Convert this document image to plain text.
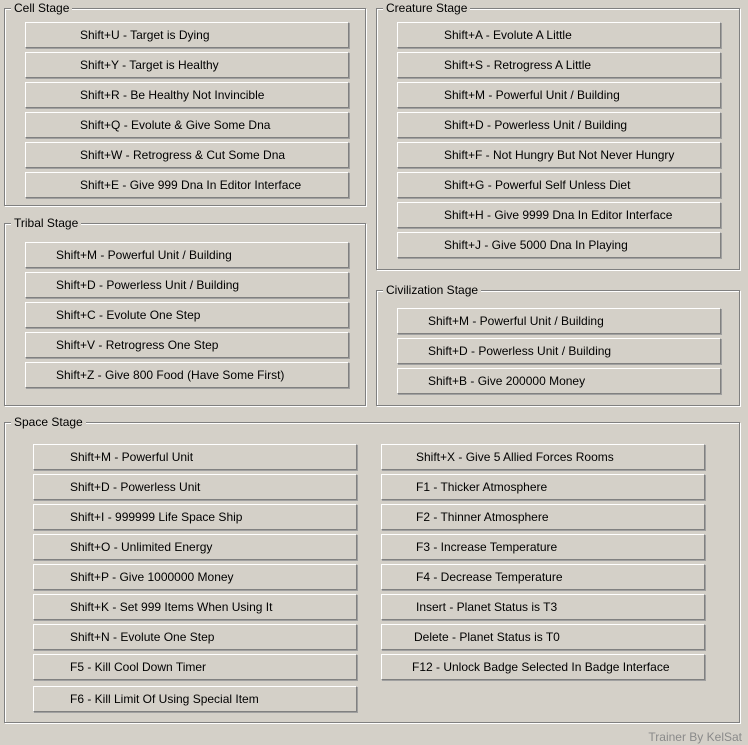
Cell Stage
Shift+U - Target is Dying
Shift+Y - Target is Healthy
Shift+R - Be Healthy Not Invincible
Shift+Q - Evolute & Give Some Dna
Shift+W - Retrogress & Cut Some Dna
Shift+E - Give 999 Dna In Editor Interface
Creature Stage
Shift+A - Evolute A Little
Shift+S - Retrogress A Little
Shift+M - Powerful Unit / Building
Shift+D - Powerless Unit / Building
Shift+F - Not Hungry But Not Never Hungry
Shift+G - Powerful Self Unless Diet
Shift+H - Give 9999 Dna In Editor Interface
Shift+J - Give 5000 Dna In Playing
Tribal Stage
Shift+M - Powerful Unit / Building
Shift+D - Powerless Unit / Building
Shift+C - Evolute One Step
Shift+V - Retrogress One Step
Shift+Z - Give 800 Food (Have Some First)
Civilization Stage
Shift+M - Powerful Unit / Building
Shift+D - Powerless Unit / Building
Shift+B - Give 200000 Money
Space Stage
Shift+M - Powerful Unit
Shift+D - Powerless Unit
Shift+I - 999999 Life Space Ship
Shift+O - Unlimited Energy
Shift+P - Give 1000000 Money
Shift+K - Set 999 Items When Using It
Shift+N - Evolute One Step
F5 - Kill Cool Down Timer
F6 - Kill Limit Of Using Special Item
Shift+X - Give 5 Allied Forces Rooms
F1 - Thicker Atmosphere
F2 - Thinner Atmosphere
F3 - Increase Temperature
F4 - Decrease Temperature
Insert - Planet Status is T3
Delete - Planet Status is T0
F12 - Unlock Badge Selected In Badge Interface
Trainer By KelSat
